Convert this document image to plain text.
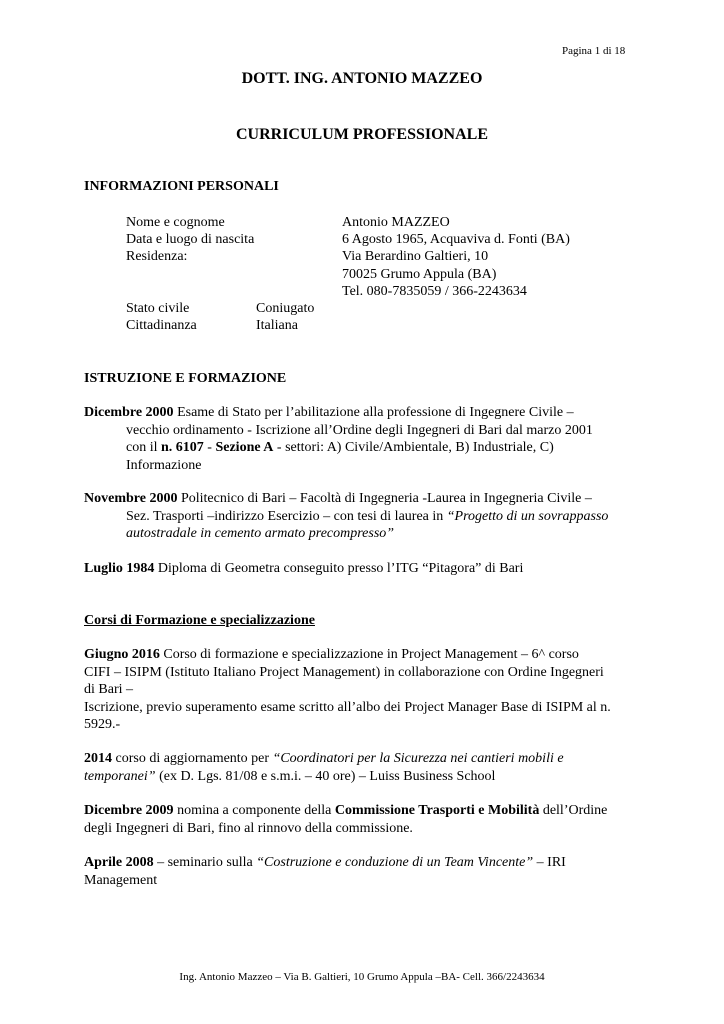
Pagina 1 di 18
DOTT. ING. ANTONIO MAZZEO
CURRICULUM PROFESSIONALE
INFORMAZIONI PERSONALI
Nome e cognome	Antonio MAZZEO
Data e luogo di nascita	6 Agosto 1965, Acquaviva d. Fonti (BA)
Residenza:	Via Berardino Galtieri, 10
70025 Grumo Appula (BA)
Tel. 080-7835059 / 366-2243634
Stato civile	Coniugato
Cittadinanza	Italiana
ISTRUZIONE E FORMAZIONE
Dicembre 2000 Esame di Stato per l’abilitazione alla professione di Ingegnere Civile –
vecchio ordinamento - Iscrizione all’Ordine degli Ingegneri di Bari dal marzo 2001
con il n. 6107 - Sezione A - settori: A) Civile/Ambientale, B) Industriale, C)
Informazione
Novembre 2000 Politecnico di Bari – Facoltà di Ingegneria -Laurea in Ingegneria Civile –
Sez. Trasporti –indirizzo Esercizio – con tesi di laurea in “Progetto di un sovrappasso
autostradale in cemento armato precompresso”
Luglio 1984 Diploma di Geometra conseguito presso l’ITG “Pitagora” di Bari
Corsi di Formazione e specializzazione
Giugno 2016 Corso di formazione e specializzazione in Project Management – 6^ corso
CIFI – ISIPM (Istituto Italiano Project Management) in collaborazione con Ordine Ingegneri
di Bari –
Iscrizione, previo superamento esame scritto all’albo dei Project Manager Base di ISIPM al n.
5929.-
2014 corso di aggiornamento per “Coordinatori per la Sicurezza nei cantieri mobili e
temporanei” (ex D. Lgs. 81/08 e s.m.i. – 40 ore) – Luiss Business School
Dicembre 2009 nomina a componente della Commissione Trasporti e Mobilità dell’Ordine
degli Ingegneri di Bari, fino al rinnovo della commissione.
Aprile 2008 – seminario sulla “Costruzione e conduzione di un Team Vincente” – IRI
Management
Ing. Antonio Mazzeo – Via B. Galtieri, 10 Grumo Appula –BA- Cell. 366/2243634
